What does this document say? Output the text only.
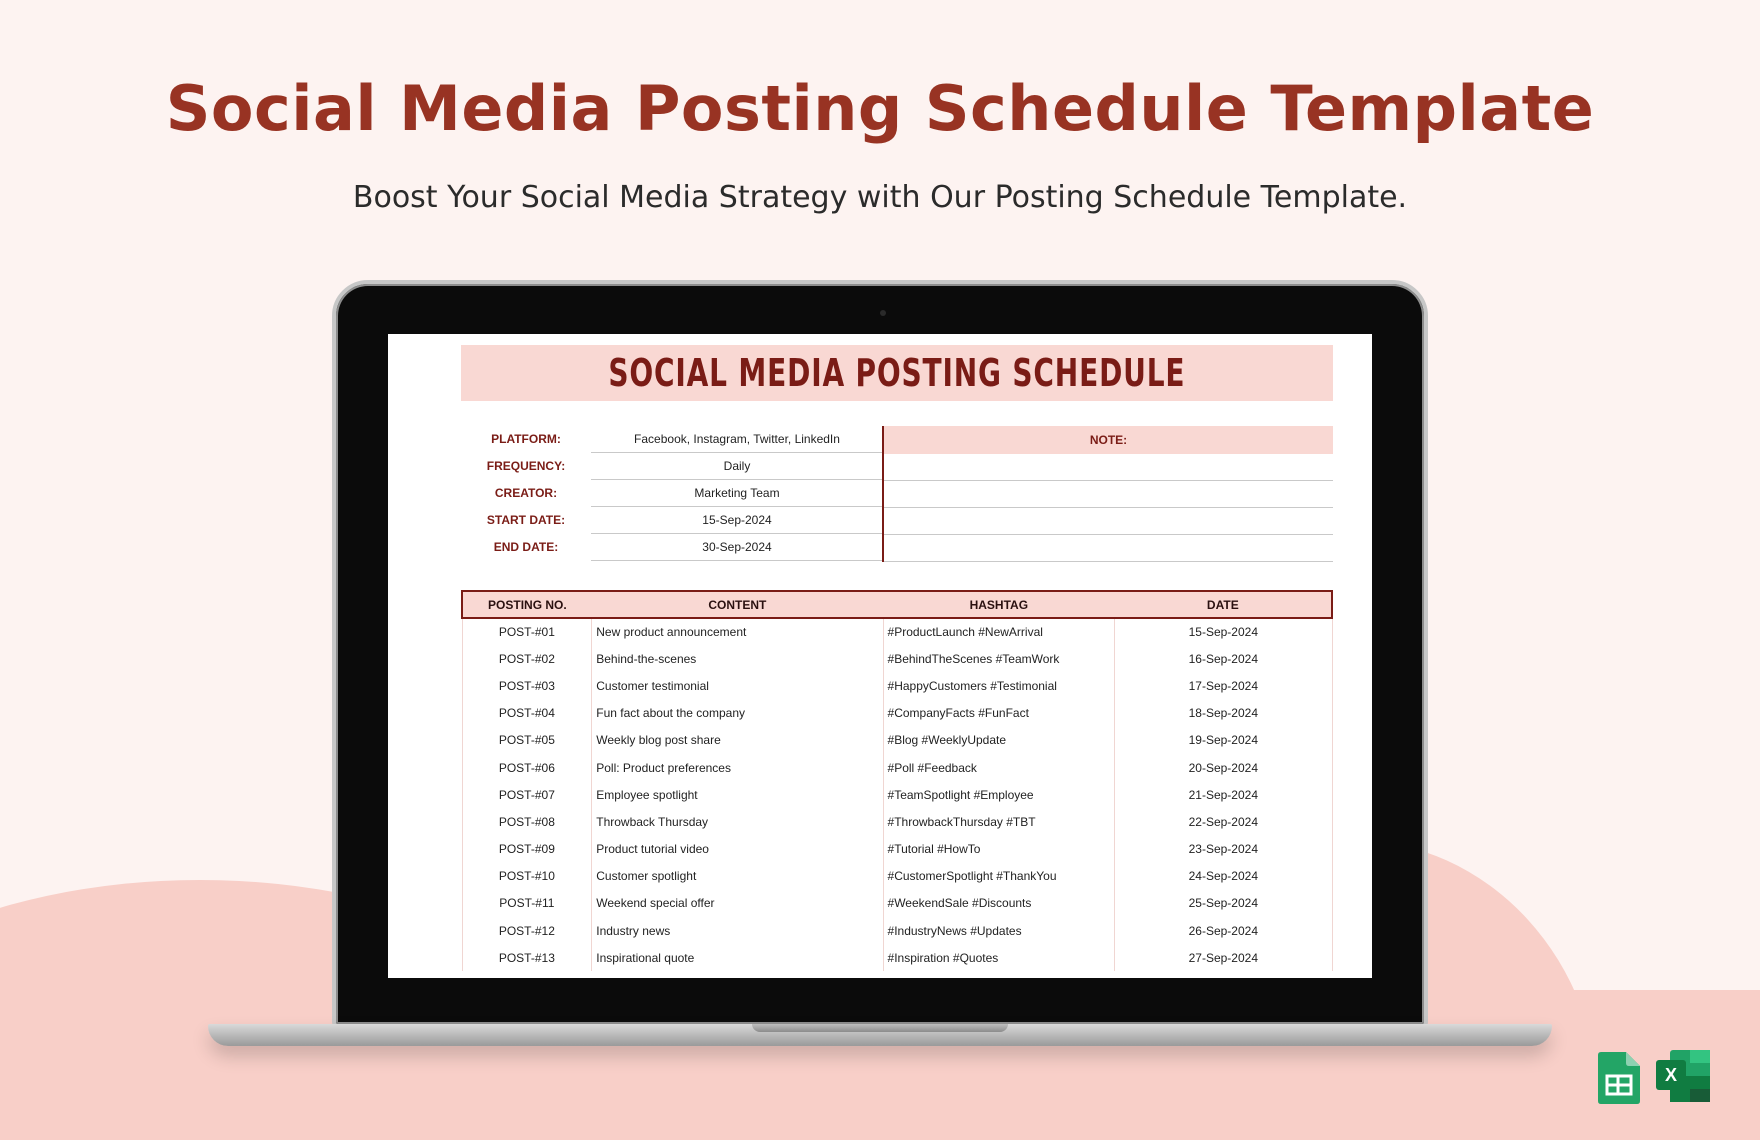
Social Media Posting Schedule Template

Boost Your Social Media Strategy with Our Posting Schedule Template.

SOCIAL MEDIA POSTING SCHEDULE
PLATFORM:	Facebook, Instagram, Twitter, LinkedIn
FREQUENCY:	Daily
CREATOR:	Marketing Team
START DATE:	15-Sep-2024
END DATE:	30-Sep-2024
NOTE:
POSTING NO.	CONTENT	HASHTAG	DATE
POST-#01	New product announcement	#ProductLaunch #NewArrival	15-Sep-2024
POST-#02	Behind-the-scenes	#BehindTheScenes #TeamWork	16-Sep-2024
POST-#03	Customer testimonial	#HappyCustomers #Testimonial	17-Sep-2024
POST-#04	Fun fact about the company	#CompanyFacts #FunFact	18-Sep-2024
POST-#05	Weekly blog post share	#Blog #WeeklyUpdate	19-Sep-2024
POST-#06	Poll: Product preferences	#Poll #Feedback	20-Sep-2024
POST-#07	Employee spotlight	#TeamSpotlight #Employee	21-Sep-2024
POST-#08	Throwback Thursday	#ThrowbackThursday #TBT	22-Sep-2024
POST-#09	Product tutorial video	#Tutorial #HowTo	23-Sep-2024
POST-#10	Customer spotlight	#CustomerSpotlight #ThankYou	24-Sep-2024
POST-#11	Weekend special offer	#WeekendSale #Discounts	25-Sep-2024
POST-#12	Industry news	#IndustryNews #Updates	26-Sep-2024
POST-#13	Inspirational quote	#Inspiration #Quotes	27-Sep-2024
X
